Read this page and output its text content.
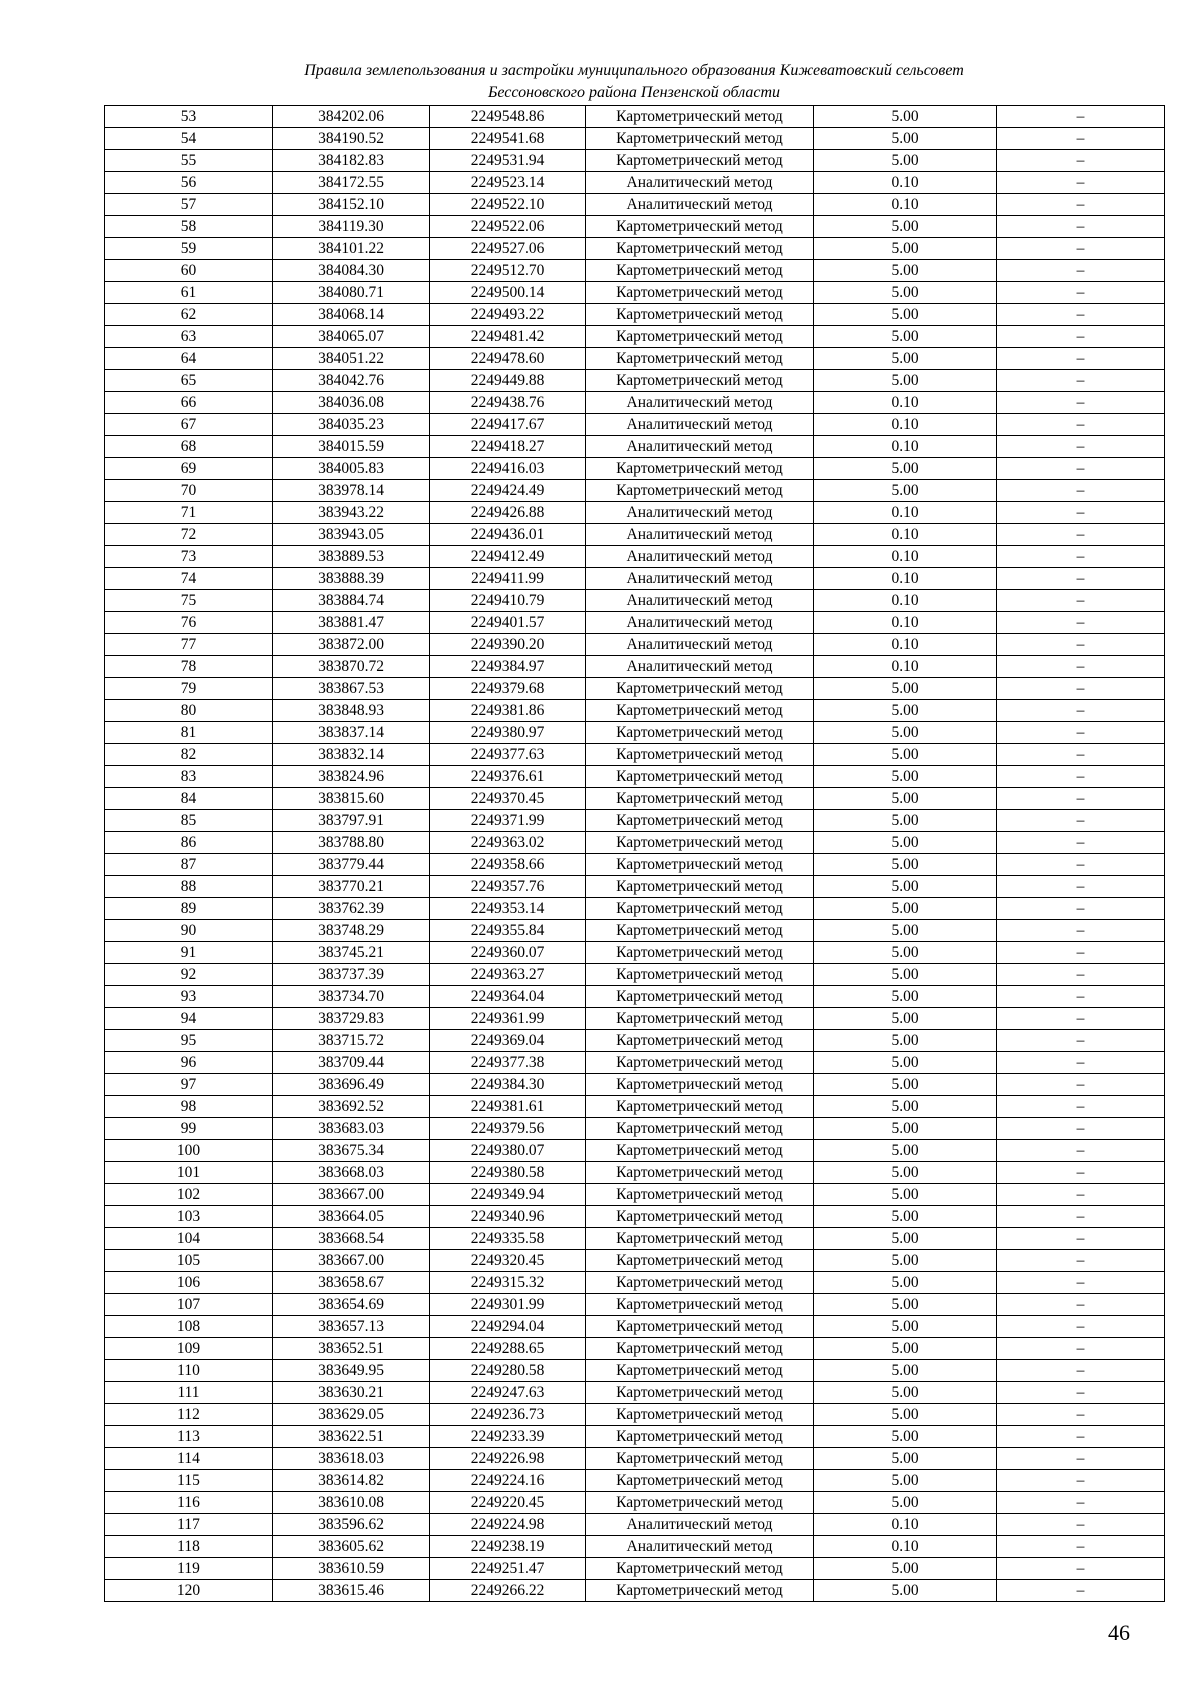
Правила землепользования и застройки муниципального образования Кижеватовский сельсовет
Бессоновского района Пензенской области
53	384202.06	2249548.86	Картометрический метод	5.00	–
54	384190.52	2249541.68	Картометрический метод	5.00	–
55	384182.83	2249531.94	Картометрический метод	5.00	–
56	384172.55	2249523.14	Аналитический метод	0.10	–
57	384152.10	2249522.10	Аналитический метод	0.10	–
58	384119.30	2249522.06	Картометрический метод	5.00	–
59	384101.22	2249527.06	Картометрический метод	5.00	–
60	384084.30	2249512.70	Картометрический метод	5.00	–
61	384080.71	2249500.14	Картометрический метод	5.00	–
62	384068.14	2249493.22	Картометрический метод	5.00	–
63	384065.07	2249481.42	Картометрический метод	5.00	–
64	384051.22	2249478.60	Картометрический метод	5.00	–
65	384042.76	2249449.88	Картометрический метод	5.00	–
66	384036.08	2249438.76	Аналитический метод	0.10	–
67	384035.23	2249417.67	Аналитический метод	0.10	–
68	384015.59	2249418.27	Аналитический метод	0.10	–
69	384005.83	2249416.03	Картометрический метод	5.00	–
70	383978.14	2249424.49	Картометрический метод	5.00	–
71	383943.22	2249426.88	Аналитический метод	0.10	–
72	383943.05	2249436.01	Аналитический метод	0.10	–
73	383889.53	2249412.49	Аналитический метод	0.10	–
74	383888.39	2249411.99	Аналитический метод	0.10	–
75	383884.74	2249410.79	Аналитический метод	0.10	–
76	383881.47	2249401.57	Аналитический метод	0.10	–
77	383872.00	2249390.20	Аналитический метод	0.10	–
78	383870.72	2249384.97	Аналитический метод	0.10	–
79	383867.53	2249379.68	Картометрический метод	5.00	–
80	383848.93	2249381.86	Картометрический метод	5.00	–
81	383837.14	2249380.97	Картометрический метод	5.00	–
82	383832.14	2249377.63	Картометрический метод	5.00	–
83	383824.96	2249376.61	Картометрический метод	5.00	–
84	383815.60	2249370.45	Картометрический метод	5.00	–
85	383797.91	2249371.99	Картометрический метод	5.00	–
86	383788.80	2249363.02	Картометрический метод	5.00	–
87	383779.44	2249358.66	Картометрический метод	5.00	–
88	383770.21	2249357.76	Картометрический метод	5.00	–
89	383762.39	2249353.14	Картометрический метод	5.00	–
90	383748.29	2249355.84	Картометрический метод	5.00	–
91	383745.21	2249360.07	Картометрический метод	5.00	–
92	383737.39	2249363.27	Картометрический метод	5.00	–
93	383734.70	2249364.04	Картометрический метод	5.00	–
94	383729.83	2249361.99	Картометрический метод	5.00	–
95	383715.72	2249369.04	Картометрический метод	5.00	–
96	383709.44	2249377.38	Картометрический метод	5.00	–
97	383696.49	2249384.30	Картометрический метод	5.00	–
98	383692.52	2249381.61	Картометрический метод	5.00	–
99	383683.03	2249379.56	Картометрический метод	5.00	–
100	383675.34	2249380.07	Картометрический метод	5.00	–
101	383668.03	2249380.58	Картометрический метод	5.00	–
102	383667.00	2249349.94	Картометрический метод	5.00	–
103	383664.05	2249340.96	Картометрический метод	5.00	–
104	383668.54	2249335.58	Картометрический метод	5.00	–
105	383667.00	2249320.45	Картометрический метод	5.00	–
106	383658.67	2249315.32	Картометрический метод	5.00	–
107	383654.69	2249301.99	Картометрический метод	5.00	–
108	383657.13	2249294.04	Картометрический метод	5.00	–
109	383652.51	2249288.65	Картометрический метод	5.00	–
110	383649.95	2249280.58	Картометрический метод	5.00	–
111	383630.21	2249247.63	Картометрический метод	5.00	–
112	383629.05	2249236.73	Картометрический метод	5.00	–
113	383622.51	2249233.39	Картометрический метод	5.00	–
114	383618.03	2249226.98	Картометрический метод	5.00	–
115	383614.82	2249224.16	Картометрический метод	5.00	–
116	383610.08	2249220.45	Картометрический метод	5.00	–
117	383596.62	2249224.98	Аналитический метод	0.10	–
118	383605.62	2249238.19	Аналитический метод	0.10	–
119	383610.59	2249251.47	Картометрический метод	5.00	–
120	383615.46	2249266.22	Картометрический метод	5.00	–
46
